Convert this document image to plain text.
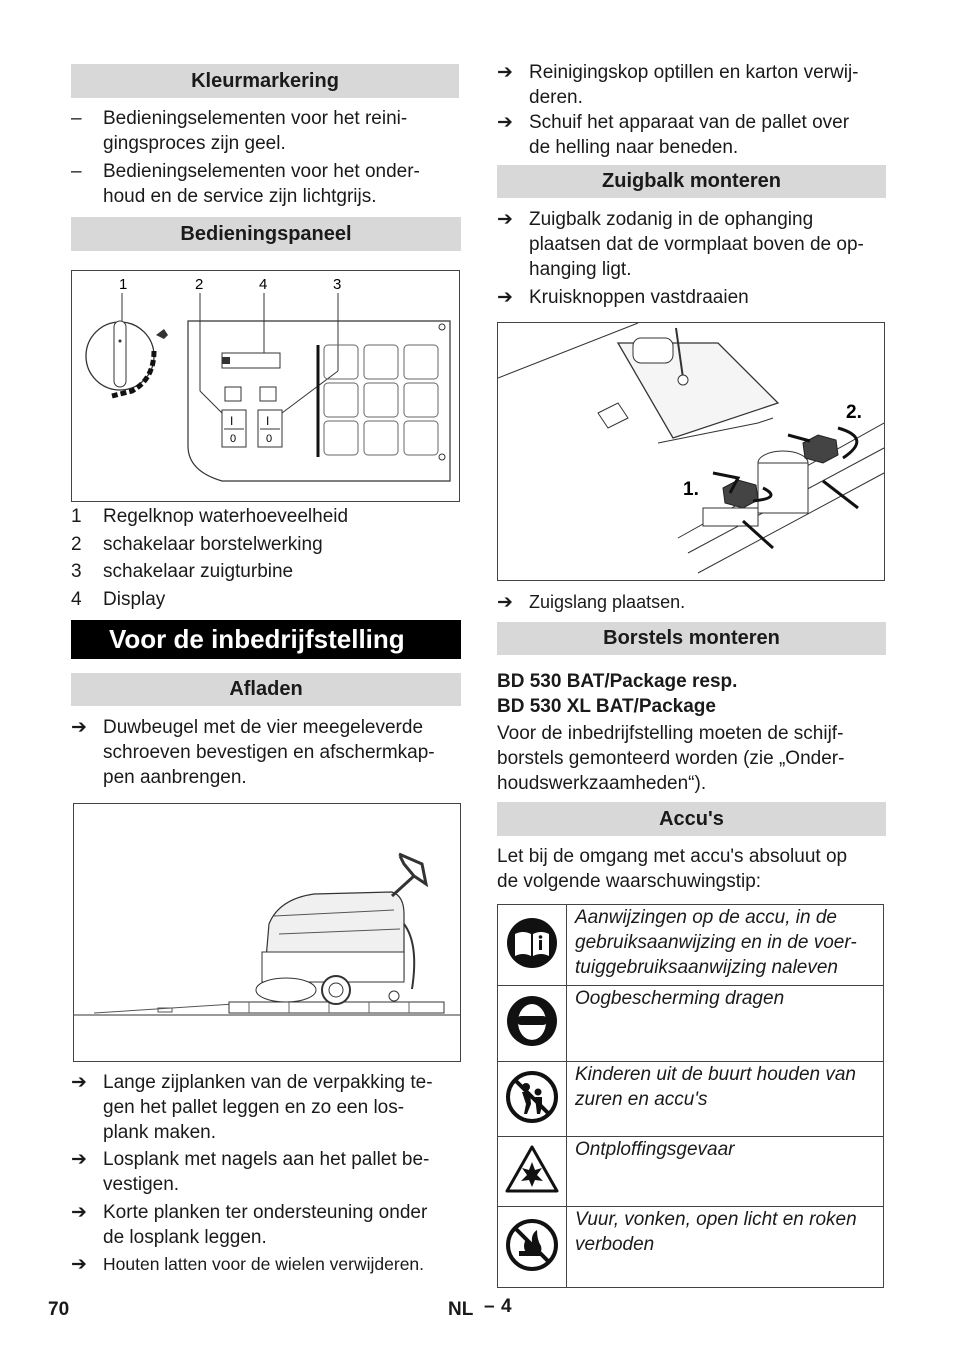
Kleurmarkering
– Bedieningselementen voor het reini-
gingsproces zijn geel.
– Bedieningselementen voor het onder-
houd en de service zijn lichtgrijs.
Bedieningspaneel
1	2	4	3
I
0
I
0
1 Regelknop waterhoeveelheid
2 schakelaar borstelwerking
3 schakelaar zuigturbine
4 Display
Voor de inbedrijfstelling
Afladen
➔ Duwbeugel met de vier meegeleverde
schroeven bevestigen en afschermkap-
pen aanbrengen.
➔ Lange zijplanken van de verpakking te-
gen het pallet leggen en zo een los-
plank maken.
➔ Losplank met nagels aan het pallet be-
vestigen.
➔ Korte planken ter ondersteuning onder
de losplank leggen.
➔ Houten latten voor de wielen verwijderen.
➔ Reinigingskop optillen en karton verwij-
deren.
➔ Schuif het apparaat van de pallet over
de helling naar beneden.
Zuigbalk monteren
➔ Zuigbalk zodanig in de ophanging
plaatsen dat de vormplaat boven de op-
hanging ligt.
➔ Kruisknoppen vastdraaien
1.
2.
➔ Zuigslang plaatsen.
Borstels monteren
BD 530 BAT/Package resp.
BD 530 XL BAT/Package
Voor de inbedrijfstelling moeten de schijf-
borstels gemonteerd worden (zie „Onder-
houdswerkzaamheden“).
Accu's
Let bij de omgang met accu's absoluut op
de volgende waarschuwingstip:

Aanwijzingen op de accu, in de
gebruiksaanwijzing en in de voer-
tuiggebruiksaanwijzing naleven

Oogbescherming dragen

Kinderen uit de buurt houden van
zuren en accu's

Ontploffingsgevaar

Vuur, vonken, open licht en roken
verboden
70	NL – 4
